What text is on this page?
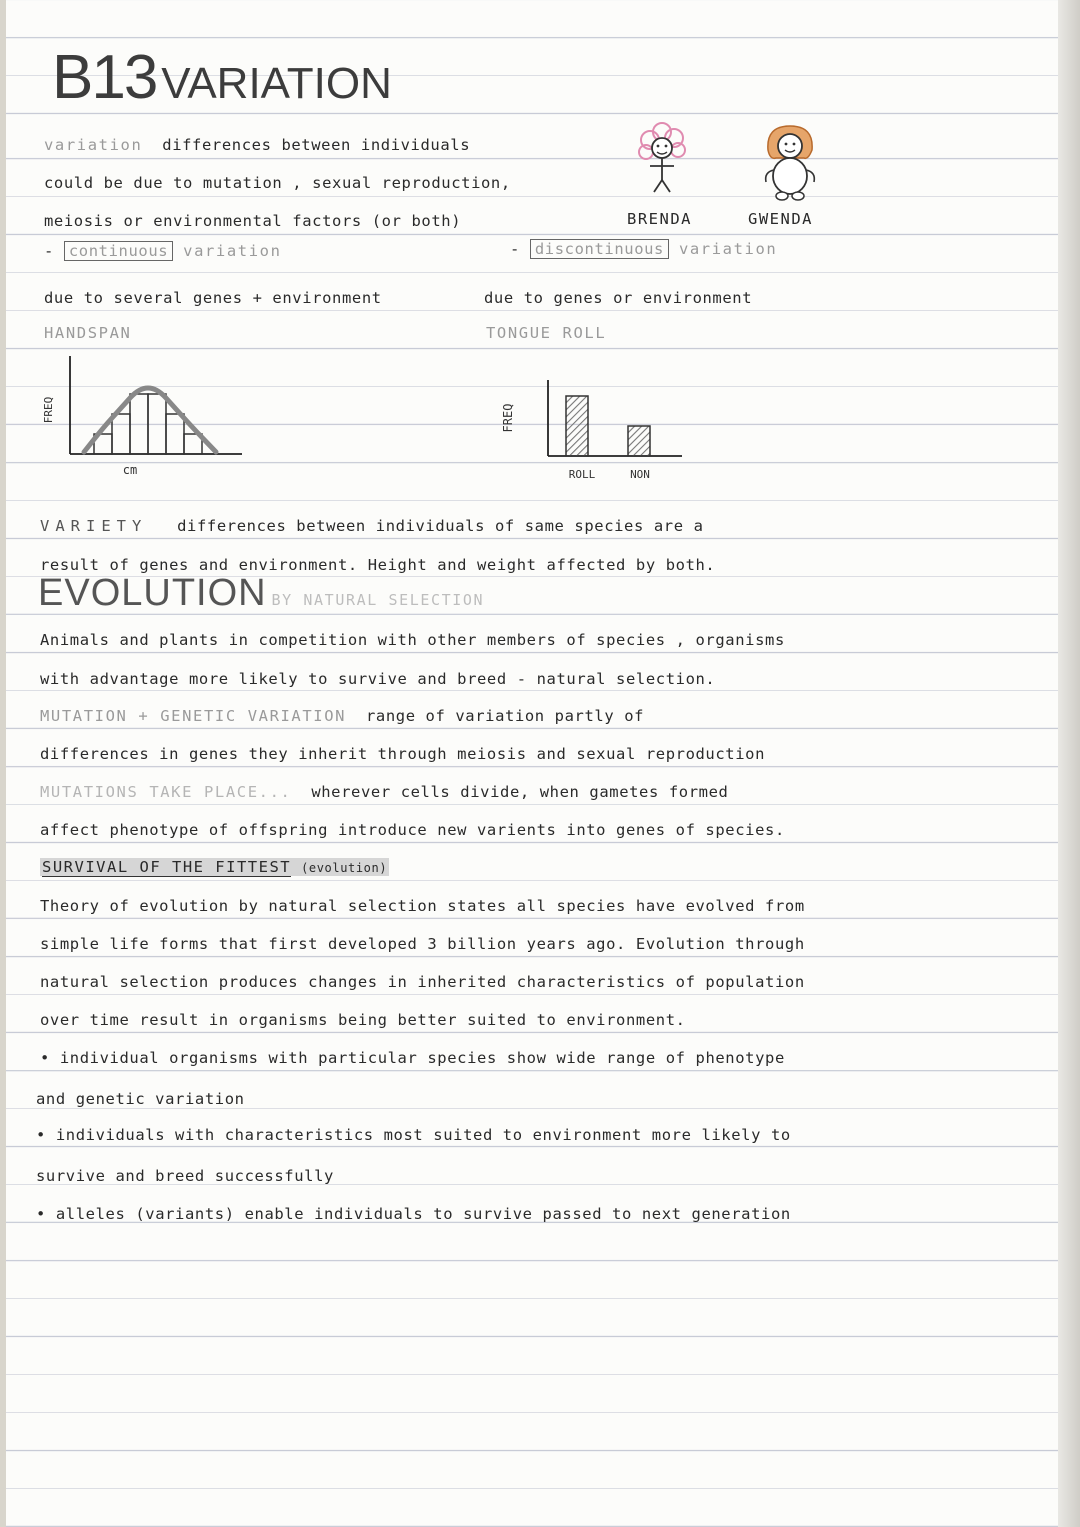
B13 VARIATION
variation differences between individuals
could be due to mutation , sexual reproduction,
meiosis or environmental factors (or both)	BRENDA	GWENDA
- continuous variation
due to several genes + environment
HANDSPAN
- discontinuous variation
due to genes or environment
TONGUE ROLL
FREQ
cm
FREQ
ROLL	NON
VARIETY differences between individuals of same species are a
result of genes and environment. Height and weight affected by both.
EVOLUTION BY NATURAL SELECTION
Animals and plants in competition with other members of species , organisms
with advantage more likely to survive and breed - natural selection.
MUTATION + GENETIC VARIATION range of variation partly of
differences in genes they inherit through meiosis and sexual reproduction
MUTATIONS TAKE PLACE... wherever cells divide, when gametes formed
affect phenotype of offspring introduce new varients into genes of species.
SURVIVAL OF THE FITTEST (evolution)
Theory of evolution by natural selection states all species have evolved from
simple life forms that first developed 3 billion years ago. Evolution through
natural selection produces changes in inherited characteristics of population
over time result in organisms being better suited to environment.
• individual organisms with particular species show wide range of phenotype
and genetic variation
• individuals with characteristics most suited to environment more likely to
survive and breed successfully
• alleles (variants) enable individuals to survive passed to next generation
